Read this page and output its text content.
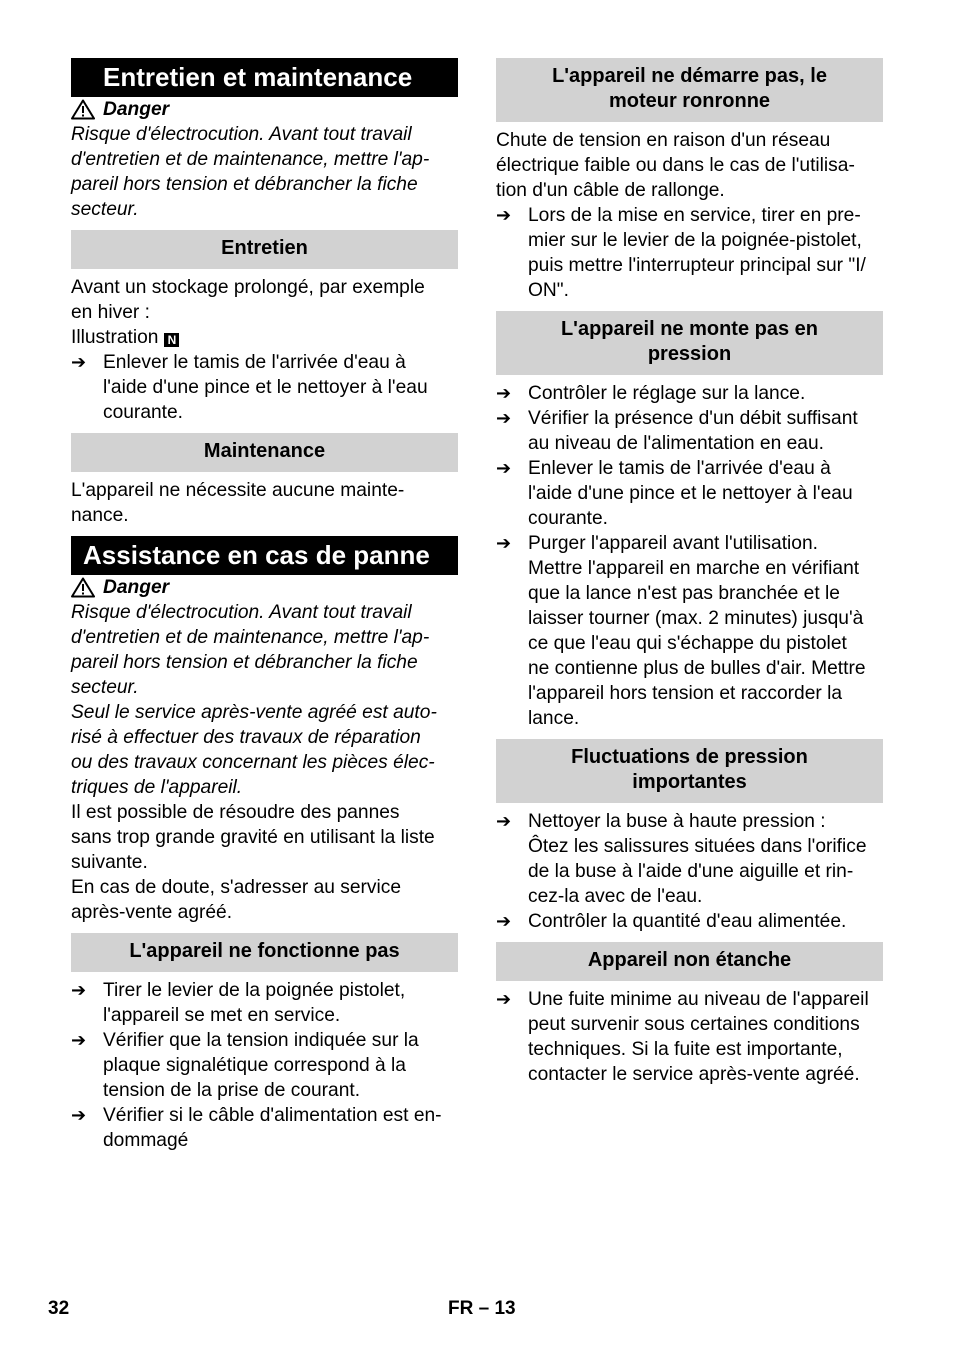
Entretien et maintenance
Danger
Risque d'électrocution. Avant tout travail
d'entretien et de maintenance, mettre l'ap-
pareil hors tension et débrancher la fiche
secteur.
Entretien
Avant un stockage prolongé, par exemple
en hiver :
Illustration N
➔ Enlever le tamis de l'arrivée d'eau à
l'aide d'une pince et le nettoyer à l'eau
courante.
Maintenance
L'appareil ne nécessite aucune mainte-
nance.
Assistance en cas de panne
Danger
Risque d'électrocution. Avant tout travail
d'entretien et de maintenance, mettre l'ap-
pareil hors tension et débrancher la fiche
secteur.
Seul le service après-vente agréé est auto-
risé à effectuer des travaux de réparation
ou des travaux concernant les pièces élec-
triques de l'appareil.
Il est possible de résoudre des pannes
sans trop grande gravité en utilisant la liste
suivante.
En cas de doute, s'adresser au service
après-vente agréé.
L'appareil ne fonctionne pas
➔ Tirer le levier de la poignée pistolet,
l'appareil se met en service.
➔ Vérifier que la tension indiquée sur la
plaque signalétique correspond à la
tension de la prise de courant.
➔ Vérifier si le câble d'alimentation est en-
dommagé
L'appareil ne démarre pas, le
moteur ronronne
Chute de tension en raison d'un réseau
électrique faible ou dans le cas de l'utilisa-
tion d'un câble de rallonge.
➔ Lors de la mise en service, tirer en pre-
mier sur le levier de la poignée-pistolet,
puis mettre l'interrupteur principal sur "I/
ON".
L'appareil ne monte pas en
pression
➔ Contrôler le réglage sur la lance.
➔ Vérifier la présence d'un débit suffisant
au niveau de l'alimentation en eau.
➔ Enlever le tamis de l'arrivée d'eau à
l'aide d'une pince et le nettoyer à l'eau
courante.
➔ Purger l'appareil avant l'utilisation.
Mettre l'appareil en marche en vérifiant
que la lance n'est pas branchée et le
laisser tourner (max. 2 minutes) jusqu'à
ce que l'eau qui s'échappe du pistolet
ne contienne plus de bulles d'air. Mettre
l'appareil hors tension et raccorder la
lance.
Fluctuations de pression
importantes
➔ Nettoyer la buse à haute pression :
Ôtez les salissures situées dans l'orifice
de la buse à l'aide d'une aiguille et rin-
cez-la avec de l'eau.
➔ Contrôler la quantité d'eau alimentée.
Appareil non étanche
➔ Une fuite minime au niveau de l'appareil
peut survenir sous certaines conditions
techniques. Si la fuite est importante,
contacter le service après-vente agréé.
32	FR – 13
